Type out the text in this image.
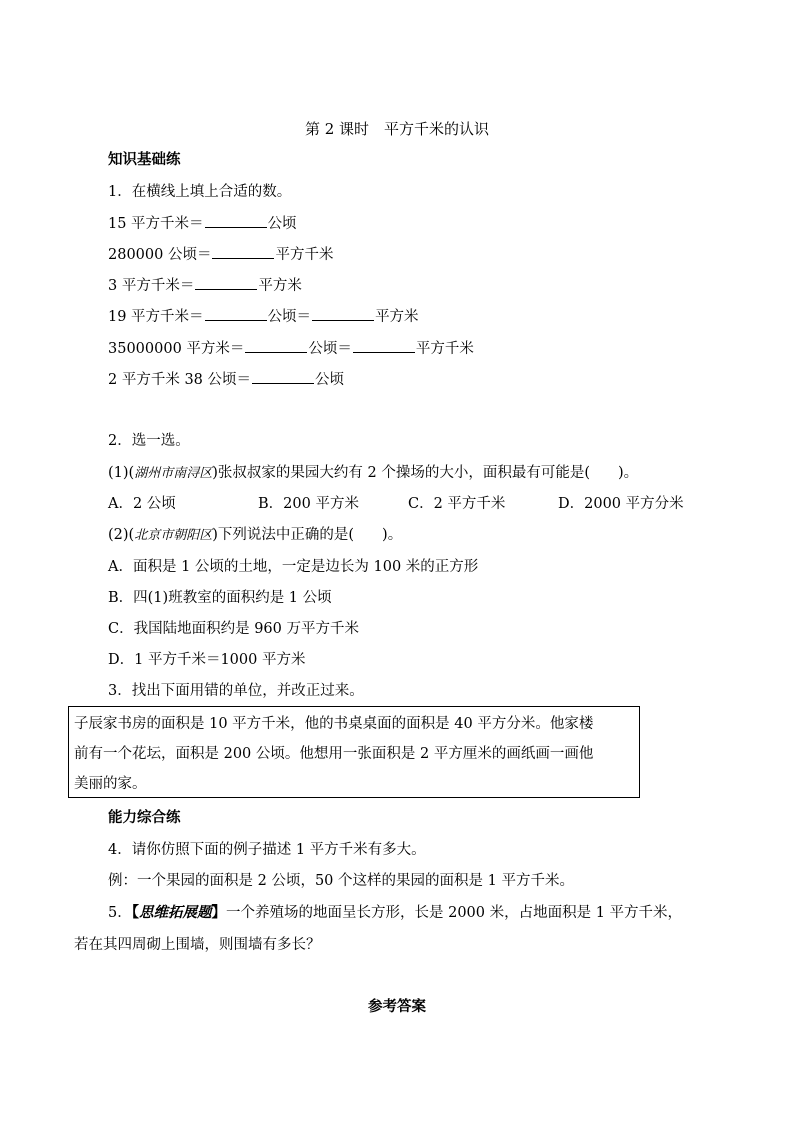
第 2 课时　平方千米的认识
知识基础练
1．在横线上填上合适的数。
15 平方千米＝	公顷
280000 公顷＝	平方千米
3 平方千米＝	平方米
19 平方千米＝	公顷＝	平方米
35000000 平方米＝	公顷＝	平方千米
2 平方千米 38 公顷＝	公顷
2．选一选。
(1)(湖州市南浔区)张叔叔家的果园大约有 2 个操场的大小，面积最有可能是( )。
A．2 公顷	B．200 平方米	C．2 平方千米	D．2000 平方分米
(2)(北京市朝阳区)下列说法中正确的是( )。
A．面积是 1 公顷的土地，一定是边长为 100 米的正方形
B．四(1)班教室的面积约是 1 公顷
C．我国陆地面积约是 960 万平方千米
D．1 平方千米＝1000 平方米
3．找出下面用错的单位，并改正过来。
子辰家书房的面积是 10 平方千米，他的书桌桌面的面积是 40 平方分米。他家楼
前有一个花坛，面积是 200 公顷。他想用一张面积是 2 平方厘米的画纸画一画他
美丽的家。
能力综合练
4．请你仿照下面的例子描述 1 平方千米有多大。
例：一个果园的面积是 2 公顷，50 个这样的果园的面积是 1 平方千米。
5．【思维拓展题】一个养殖场的地面呈长方形，长是 2000 米，占地面积是 1 平方千米，
若在其四周砌上围墙，则围墙有多长？
参考答案
